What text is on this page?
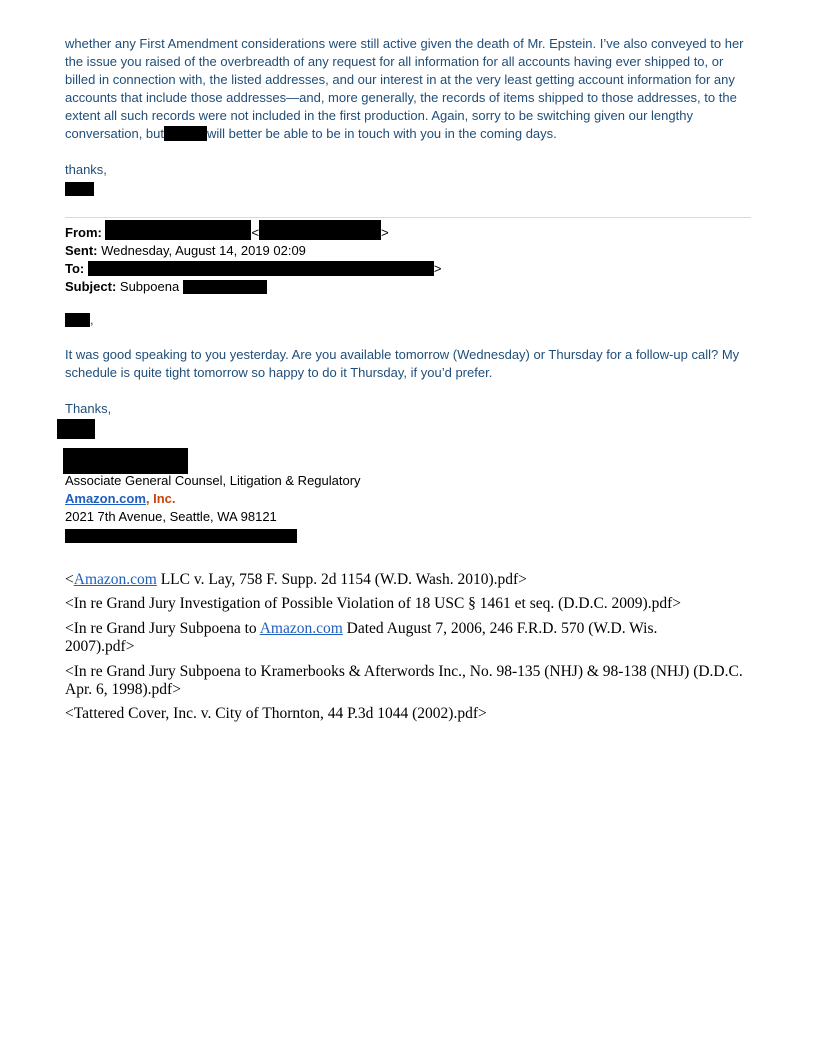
whether any First Amendment considerations were still active given the death of Mr. Epstein. I’ve also conveyed to her the issue you raised of the overbreadth of any request for all information for all accounts having ever shipped to, or billed in connection with, the listed addresses, and our interest in at the very least getting account information for any accounts that include those addresses—and, more generally, the records of items shipped to those addresses, to the extent all such records were not included in the first production. Again, sorry to be switching given our lengthy conversation, but	will better be able to be in touch with you in the coming days.
thanks,
From:	<	>
Sent: Wednesday, August 14, 2019 02:09
To:	>
Subject: Subpoena
,
It was good speaking to you yesterday. Are you available tomorrow (Wednesday) or Thursday for a follow-up call? My schedule is quite tight tomorrow so happy to do it Thursday, if you’d prefer.
Thanks,
Associate General Counsel, Litigation & Regulatory
Amazon.com, Inc.
2021 7th Avenue, Seattle, WA 98121
<Amazon.com LLC v. Lay, 758 F. Supp. 2d 1154 (W.D. Wash. 2010).pdf>
<In re Grand Jury Investigation of Possible Violation of 18 USC § 1461 et seq. (D.D.C. 2009).pdf>
<In re Grand Jury Subpoena to Amazon.com Dated August 7, 2006, 246 F.R.D. 570 (W.D. Wis. 2007).pdf>
<In re Grand Jury Subpoena to Kramerbooks & Afterwords Inc., No. 98-135 (NHJ) & 98-138 (NHJ) (D.D.C. Apr. 6, 1998).pdf>
<Tattered Cover, Inc. v. City of Thornton, 44 P.3d 1044 (2002).pdf>
